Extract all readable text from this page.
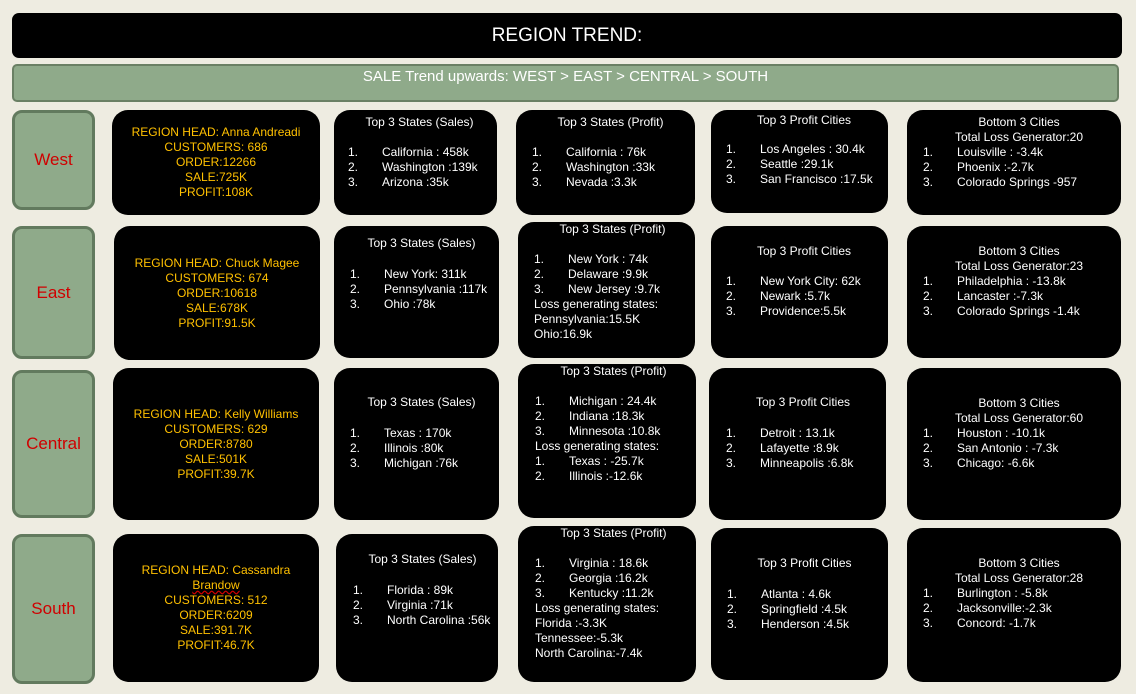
REGION TREND:
SALE Trend upwards: WEST > EAST > CENTRAL > SOUTH
West
REGION HEAD: Anna Andreadi
CUSTOMERS: 686
ORDER:12266
SALE:725K
PROFIT:108K
Top 3 States (Sales)
1. California : 458k
2. Washington :139k
3. Arizona :35k
Top 3 States (Profit)
1. California : 76k
2. Washington :33k
3. Nevada :3.3k
Top 3 Profit Cities
1. Los Angeles : 30.4k
2. Seattle :29.1k
3. San Francisco :17.5k
Bottom 3 Cities
Total Loss Generator:20
1. Louisville : -3.4k
2. Phoenix :-2.7k
3. Colorado Springs -957
East
REGION HEAD: Chuck Magee
CUSTOMERS: 674
ORDER:10618
SALE:678K
PROFIT:91.5K
Top 3 States (Sales)
1. New York: 311k
2. Pennsylvania :117k
3. Ohio :78k
Top 3 States (Profit)
1. New York : 74k
2. Delaware :9.9k
3. New Jersey :9.7k
Loss generating states:
Pennsylvania:15.5K
Ohio:16.9k
Top 3 Profit Cities
1. New York City: 62k
2. Newark :5.7k
3. Providence:5.5k
Bottom 3 Cities
Total Loss Generator:23
1. Philadelphia : -13.8k
2. Lancaster :-7.3k
3. Colorado Springs -1.4k
Central
REGION HEAD: Kelly Williams
CUSTOMERS: 629
ORDER:8780
SALE:501K
PROFIT:39.7K
Top 3 States (Sales)
1. Texas : 170k
2. Illinois :80k
3. Michigan :76k
Top 3 States (Profit)
1. Michigan : 24.4k
2. Indiana :18.3k
3. Minnesota :10.8k
Loss generating states:
1. Texas : -25.7k
2. Illinois :-12.6k
Top 3 Profit Cities
1. Detroit : 13.1k
2. Lafayette :8.9k
3. Minneapolis :6.8k
Bottom 3 Cities
Total Loss Generator:60
1. Houston : -10.1k
2. San Antonio : -7.3k
3. Chicago: -6.6k
South
REGION HEAD: Cassandra
Brandow
CUSTOMERS: 512
ORDER:6209
SALE:391.7K
PROFIT:46.7K
Top 3 States (Sales)
1. Florida : 89k
2. Virginia :71k
3. North Carolina :56k
Top 3 States (Profit)
1. Virginia : 18.6k
2. Georgia :16.2k
3. Kentucky :11.2k
Loss generating states:
Florida :-3.3K
Tennessee:-5.3k
North Carolina:-7.4k
Top 3 Profit Cities
1. Atlanta : 4.6k
2. Springfield :4.5k
3. Henderson :4.5k
Bottom 3 Cities
Total Loss Generator:28
1. Burlington : -5.8k
2. Jacksonville:-2.3k
3. Concord: -1.7k
